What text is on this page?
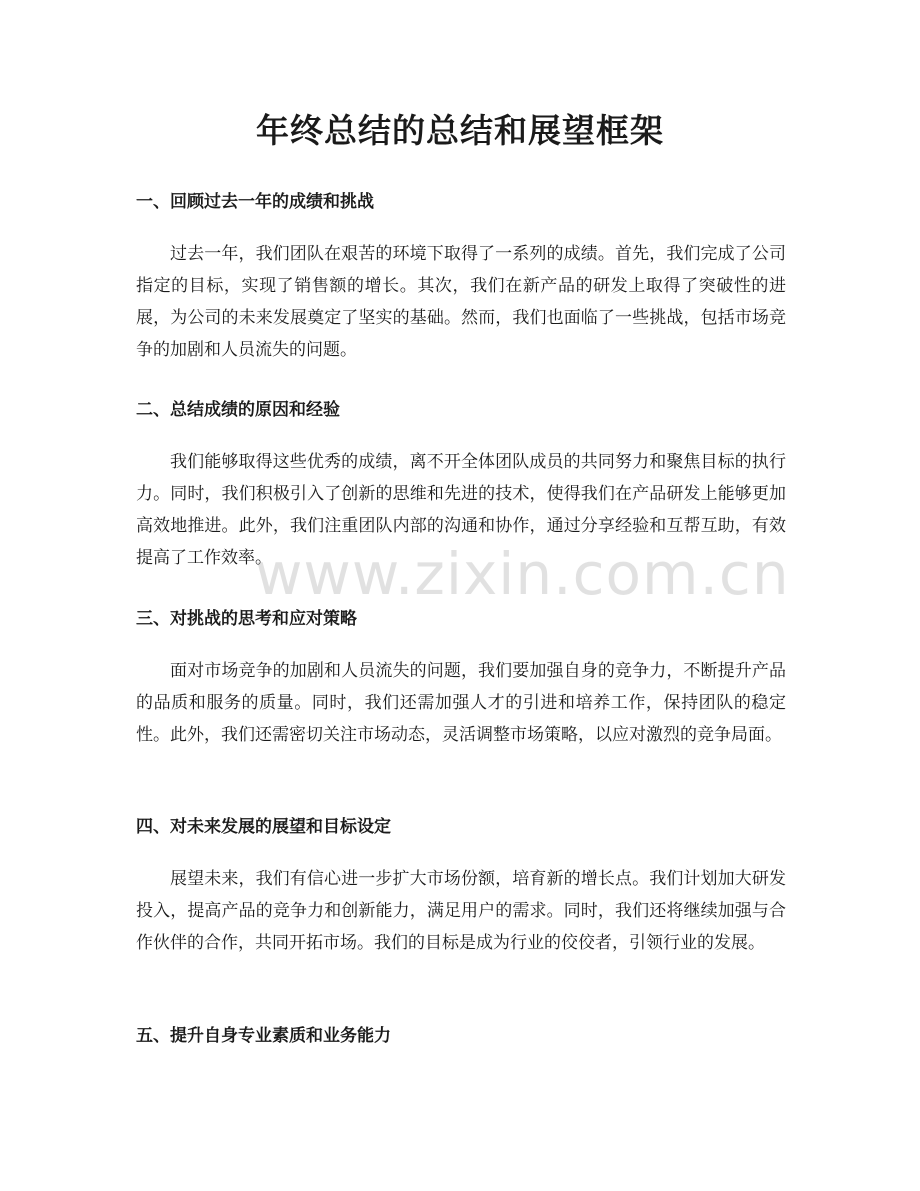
年终总结的总结和展望框架
一、回顾过去一年的成绩和挑战

过去一年，我们团队在艰苦的环境下取得了一系列的成绩。首先，我们完成了公司指定的目标，实现了销售额的增长。其次，我们在新产品的研发上取得了突破性的进展，为公司的未来发展奠定了坚实的基础。然而，我们也面临了一些挑战，包括市场竞争的加剧和人员流失的问题。

二、总结成绩的原因和经验

我们能够取得这些优秀的成绩，离不开全体团队成员的共同努力和聚焦目标的执行力。同时，我们积极引入了创新的思维和先进的技术，使得我们在产品研发上能够更加高效地推进。此外，我们注重团队内部的沟通和协作，通过分享经验和互帮互助，有效提高了工作效率。

三、对挑战的思考和应对策略

面对市场竞争的加剧和人员流失的问题，我们要加强自身的竞争力，不断提升产品的品质和服务的质量。同时，我们还需加强人才的引进和培养工作，保持团队的稳定性。此外，我们还需密切关注市场动态，灵活调整市场策略，以应对激烈的竞争局面。

四、对未来发展的展望和目标设定

展望未来，我们有信心进一步扩大市场份额，培育新的增长点。我们计划加大研发投入，提高产品的竞争力和创新能力，满足用户的需求。同时，我们还将继续加强与合作伙伴的合作，共同开拓市场。我们的目标是成为行业的佼佼者，引领行业的发展。

五、提升自身专业素质和业务能力
www.zixin.com.cn
